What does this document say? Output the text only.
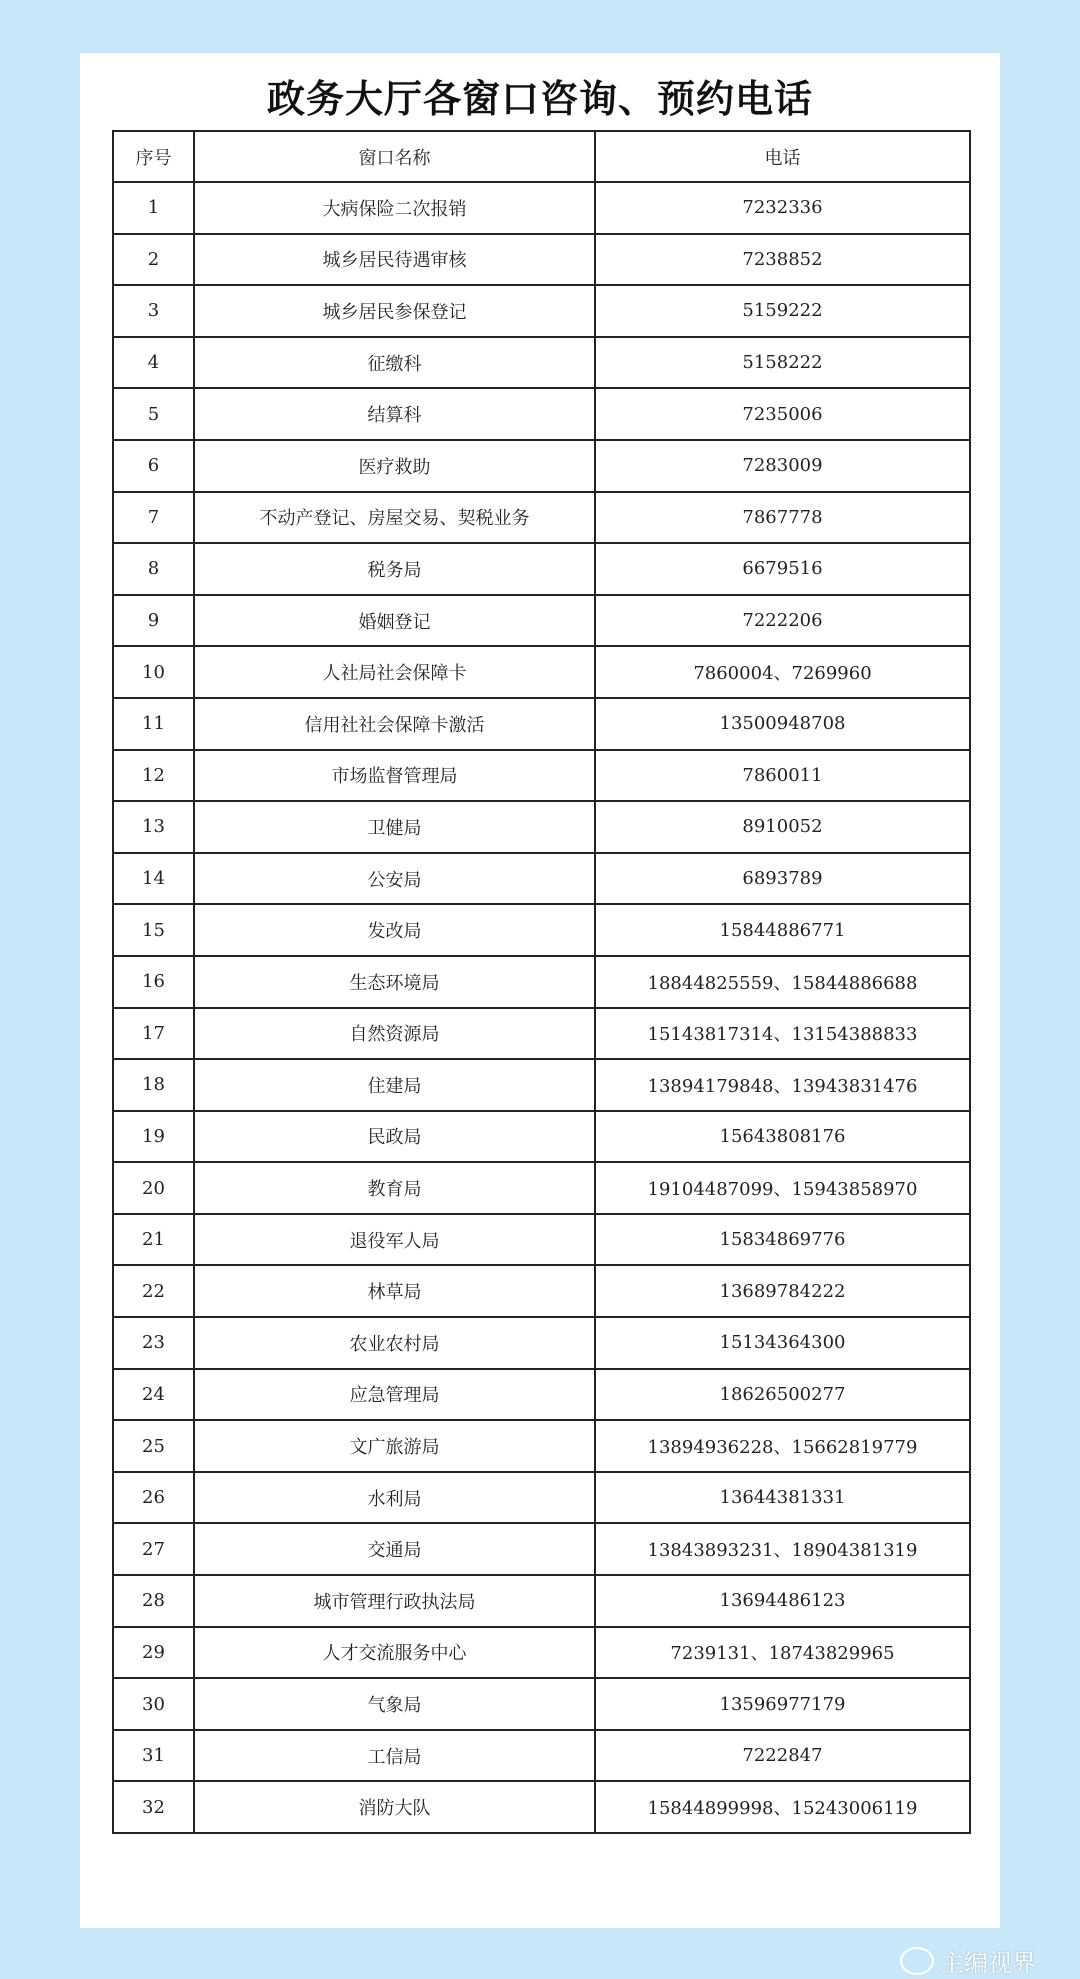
政务大厅各窗口咨询、预约电话
序号	窗口名称	电话
1	大病保险二次报销	7232336
2	城乡居民待遇审核	7238852
3	城乡居民参保登记	5159222
4	征缴科	5158222
5	结算科	7235006
6	医疗救助	7283009
7	不动产登记、房屋交易、契税业务	7867778
8	税务局	6679516
9	婚姻登记	7222206
10	人社局社会保障卡	7860004、7269960
11	信用社社会保障卡激活	13500948708
12	市场监督管理局	7860011
13	卫健局	8910052
14	公安局	6893789
15	发改局	15844886771
16	生态环境局	18844825559、15844886688
17	自然资源局	15143817314、13154388833
18	住建局	13894179848、13943831476
19	民政局	15643808176
20	教育局	19104487099、15943858970
21	退役军人局	15834869776
22	林草局	13689784222
23	农业农村局	15134364300
24	应急管理局	18626500277
25	文广旅游局	13894936228、15662819779
26	水利局	13644381331
27	交通局	13843893231、18904381319
28	城市管理行政执法局	13694486123
29	人才交流服务中心	7239131、18743829965
30	气象局	13596977179
31	工信局	7222847
32	消防大队	15844899998、15243006119
主编视界
